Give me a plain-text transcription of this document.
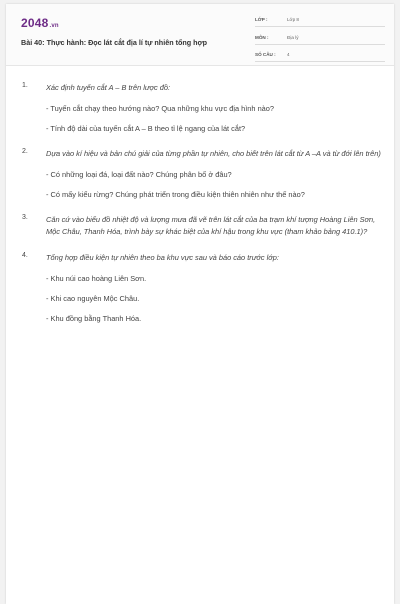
2048.vn
Bài 40: Thực hành: Đọc lát cắt địa lí tự nhiên tổng hợp
LỚP :	Lớp 8
MÔN :	Địa lý
SỐ CÂU : 4
1. Xác định tuyến cắt A – B trên lược đồ:
- Tuyến cắt chạy theo hướng nào? Qua những khu vực địa hình nào?
- Tính độ dài của tuyến cắt A – B theo tỉ lệ ngang của lát cắt?
2. Dựa vào kí hiệu và bản chú giải của từng phần tự nhiên, cho biết trên lát cắt từ A –A và từ đới lên trên)
- Có những loại đá, loại đất nào? Chúng phân bố ở đâu?
- Có mấy kiểu rừng? Chúng phát triển trong điều kiện thiên nhiên như thế nào?
3. Căn cứ vào biểu đồ nhiệt độ và lượng mưa đã vẽ trên lát cắt của ba trạm khí tượng Hoàng Liên Sơn, Mộc Châu, Thanh Hóa, trình bày sự khác biệt của khí hậu trong khu vực (tham khảo bảng 410.1)?
4. Tổng hợp điều kiện tự nhiên theo ba khu vực sau và báo cáo trước lớp:
- Khu núi cao hoàng Liên Sơn.
- Khi cao nguyên Mộc Châu.
- Khu đồng bằng Thanh Hóa.
